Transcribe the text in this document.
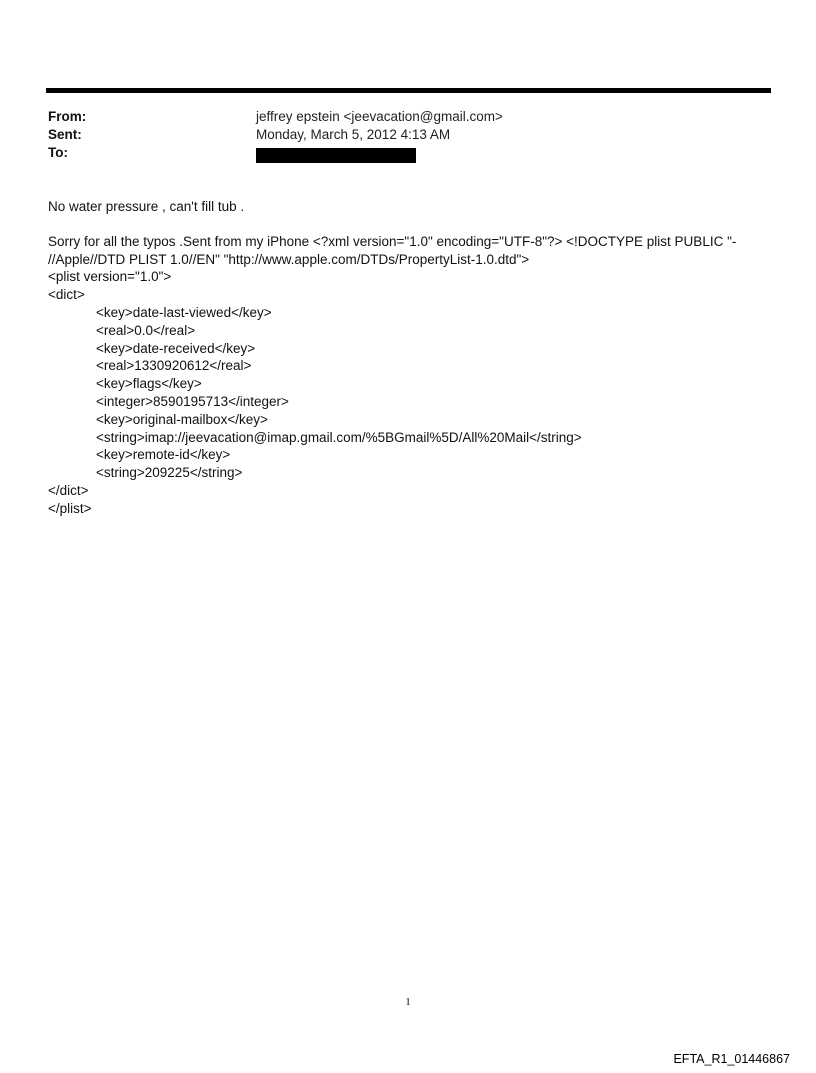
From:	jeffrey epstein <jeevacation@gmail.com>
Sent:	Monday, March 5, 2012 4:13 AM
To:

No water pressure , can't fill tub .

Sorry for all the typos .Sent from my iPhone <?xml version="1.0" encoding="UTF-8"?> <!DOCTYPE plist PUBLIC "-

//Apple//DTD PLIST 1.0//EN" "http://www.apple.com/DTDs/PropertyList-1.0.dtd">

<plist version="1.0">

<dict>

<key>date-last-viewed</key>

<real>0.0</real>

<key>date-received</key>

<real>1330920612</real>

<key>flags</key>

<integer>8590195713</integer>

<key>original-mailbox</key>

<string>imap://jeevacation@imap.gmail.com/%5BGmail%5D/All%20Mail</string>

<key>remote-id</key>

<string>209225</string>

</dict>

</plist>

1
EFTA_R1_01446867
